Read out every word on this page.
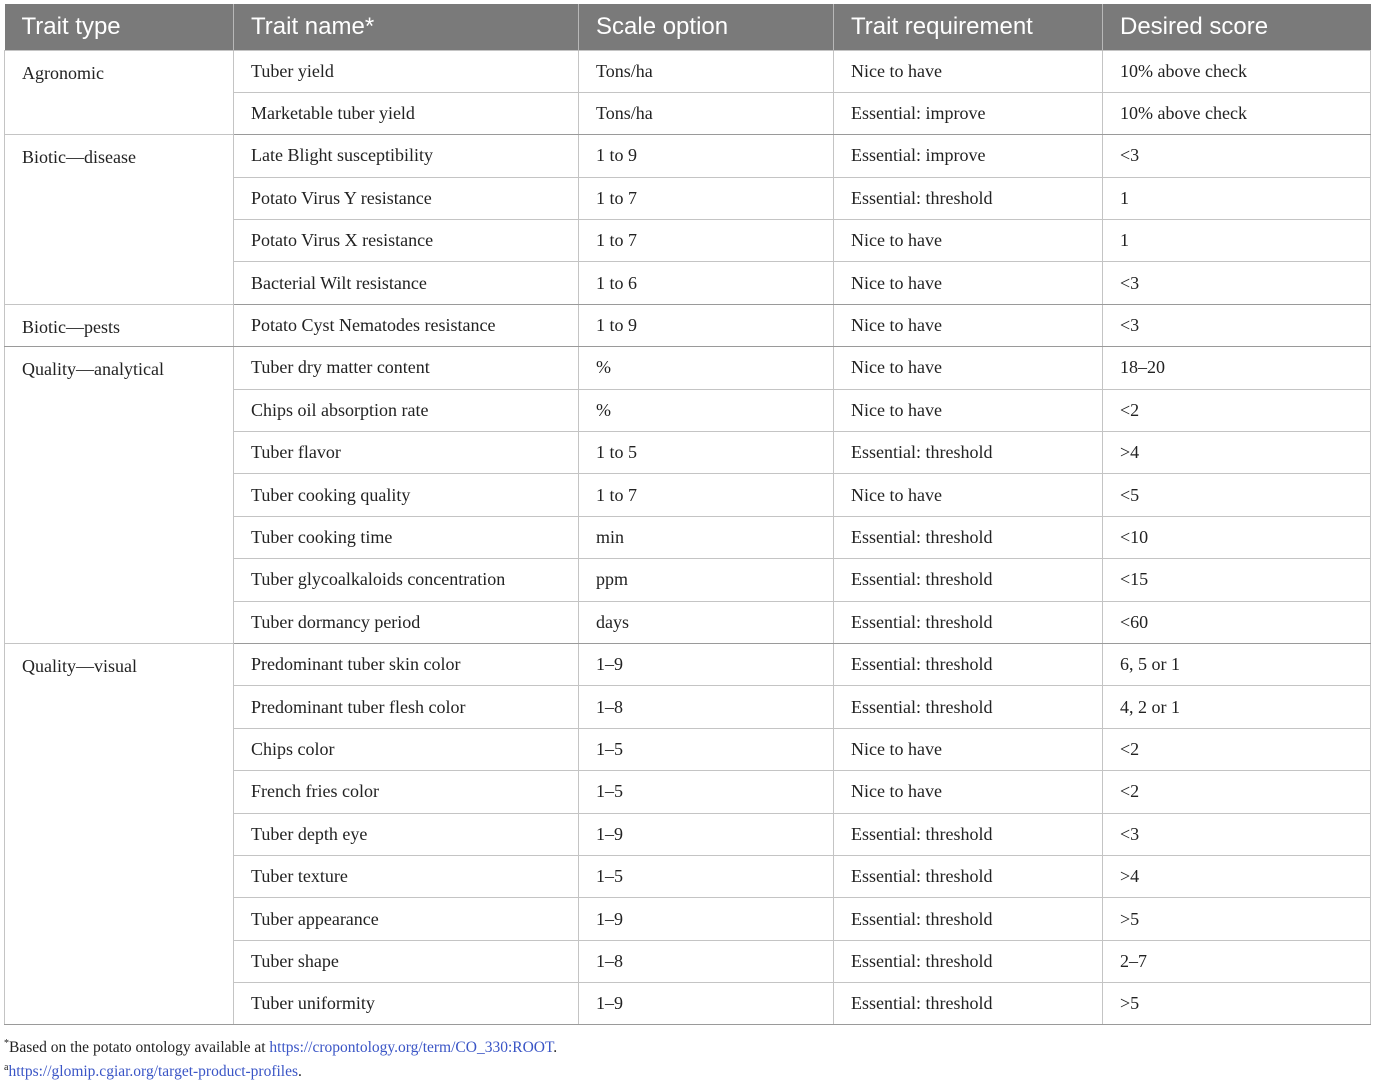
Trait type	Trait name*	Scale option	Trait requirement	Desired score
Agronomic	Tuber yield	Tons/ha	Nice to have	10% above check
	Marketable tuber yield	Tons/ha	Essential: improve	10% above check
Biotic—disease	Late Blight susceptibility	1 to 9	Essential: improve	<3
	Potato Virus Y resistance	1 to 7	Essential: threshold	1
	Potato Virus X resistance	1 to 7	Nice to have	1
	Bacterial Wilt resistance	1 to 6	Nice to have	<3
Biotic—pests	Potato Cyst Nematodes resistance	1 to 9	Nice to have	<3
Quality—analytical	Tuber dry matter content	%	Nice to have	18–20
	Chips oil absorption rate	%	Nice to have	<2
	Tuber flavor	1 to 5	Essential: threshold	>4
	Tuber cooking quality	1 to 7	Nice to have	<5
	Tuber cooking time	min	Essential: threshold	<10
	Tuber glycoalkaloids concentration	ppm	Essential: threshold	<15
	Tuber dormancy period	days	Essential: threshold	<60
Quality—visual	Predominant tuber skin color	1–9	Essential: threshold	6, 5 or 1
	Predominant tuber flesh color	1–8	Essential: threshold	4, 2 or 1
	Chips color	1–5	Nice to have	<2
	French fries color	1–5	Nice to have	<2
	Tuber depth eye	1–9	Essential: threshold	<3
	Tuber texture	1–5	Essential: threshold	>4
	Tuber appearance	1–9	Essential: threshold	>5
	Tuber shape	1–8	Essential: threshold	2–7
	Tuber uniformity	1–9	Essential: threshold	>5
*Based on the potato ontology available at https://cropontology.org/term/CO_330:ROOT.
$^a$https://glomip.cgiar.org/target-product-profiles.
